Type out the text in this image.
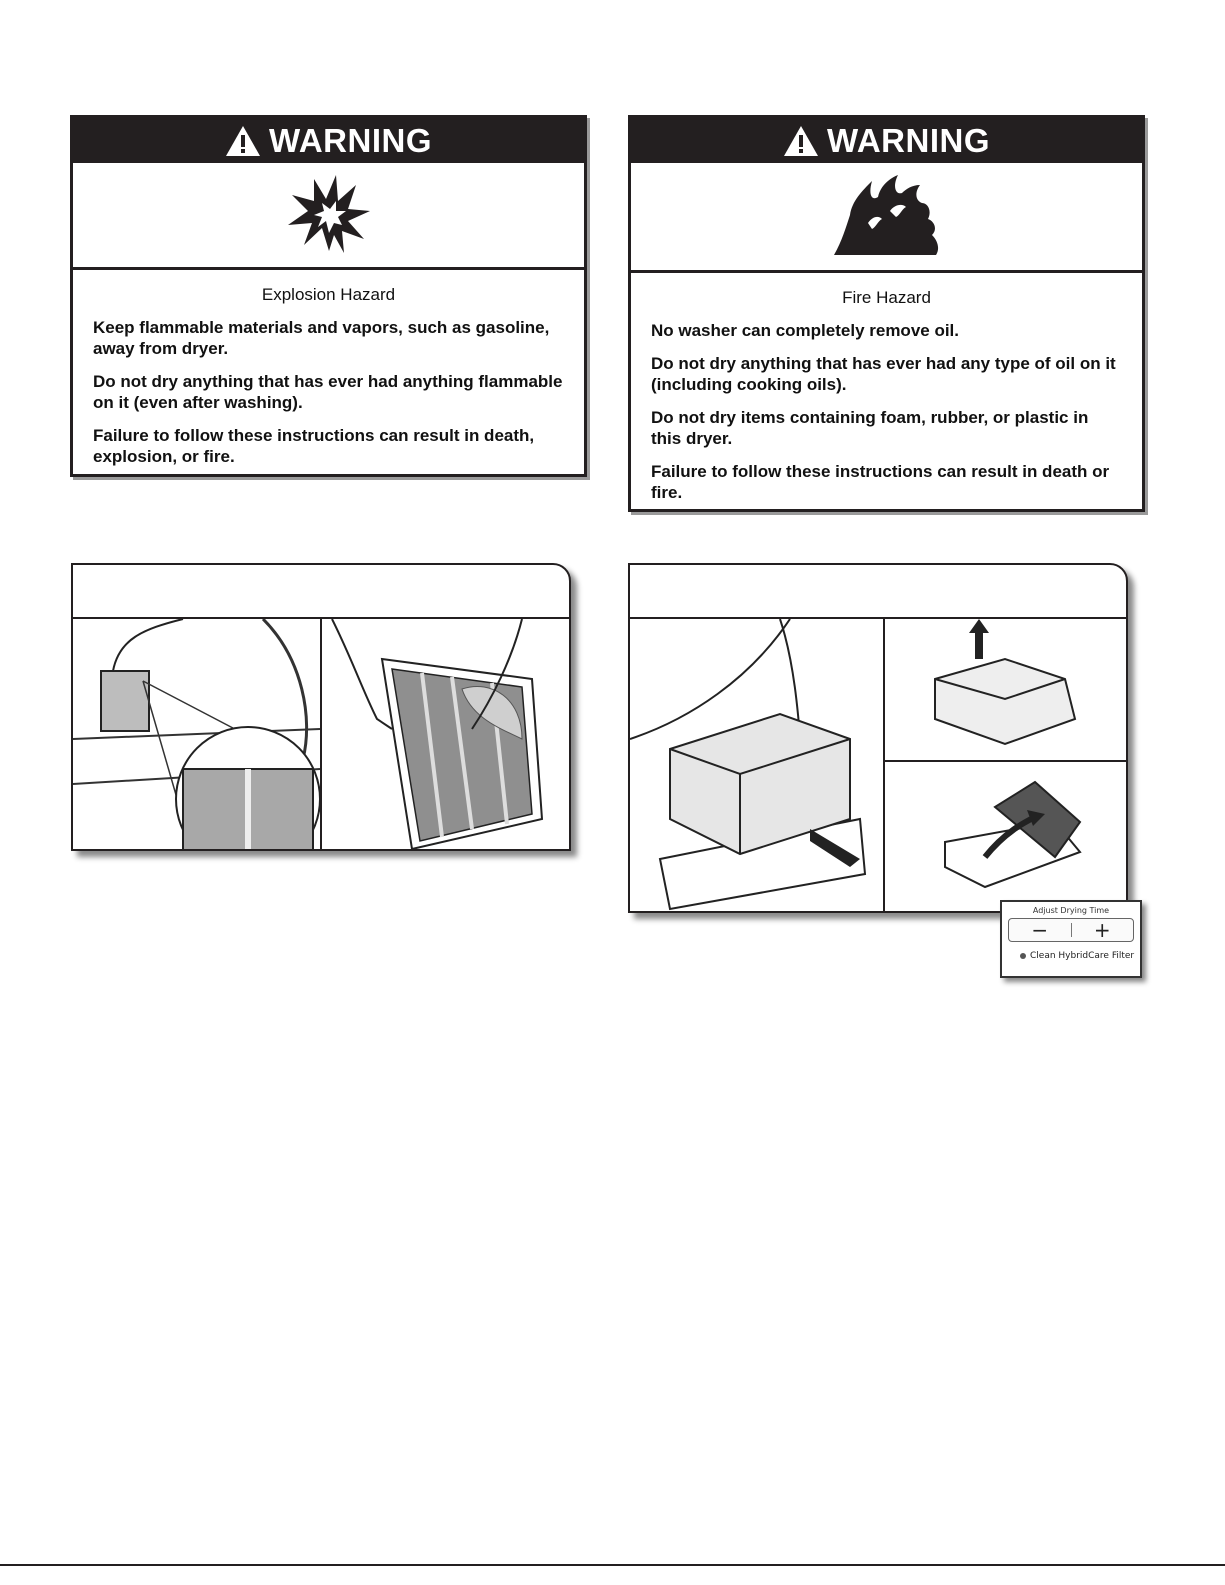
WARNING
Explosion Hazard

Keep flammable materials and vapors, such as gasoline, away from dryer.

Do not dry anything that has ever had anything flammable on it (even after washing).

Failure to follow these instructions can result in death, explosion, or fire.

WARNING
Fire Hazard

No washer can completely remove oil.

Do not dry anything that has ever had any type of oil on it (including cooking oils).

Do not dry items containing foam, rubber, or plastic in this dryer.

Failure to follow these instructions can result in death or fire.

Adjust Drying Time
−	+
Clean HybridCare Filter
